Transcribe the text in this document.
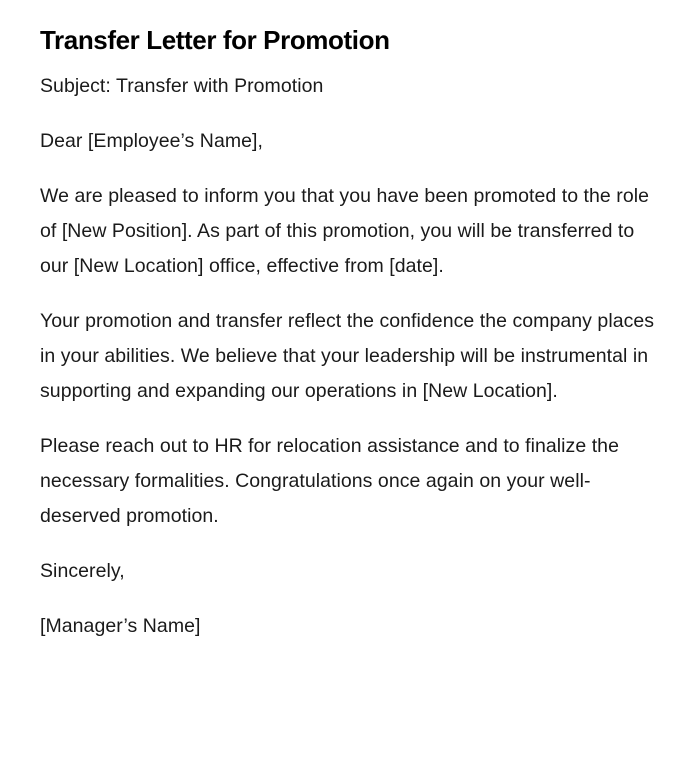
Transfer Letter for Promotion

Subject: Transfer with Promotion

Dear [Employee’s Name],

We are pleased to inform you that you have been promoted to the role of [New Position]. As part of this promotion, you will be transferred to our [New Location] office, effective from [date].

Your promotion and transfer reflect the confidence the company places in your abilities. We believe that your leadership will be instrumental in supporting and expanding our operations in [New Location].

Please reach out to HR for relocation assistance and to finalize the necessary formalities. Congratulations once again on your well-deserved promotion.

Sincerely,

[Manager’s Name]
